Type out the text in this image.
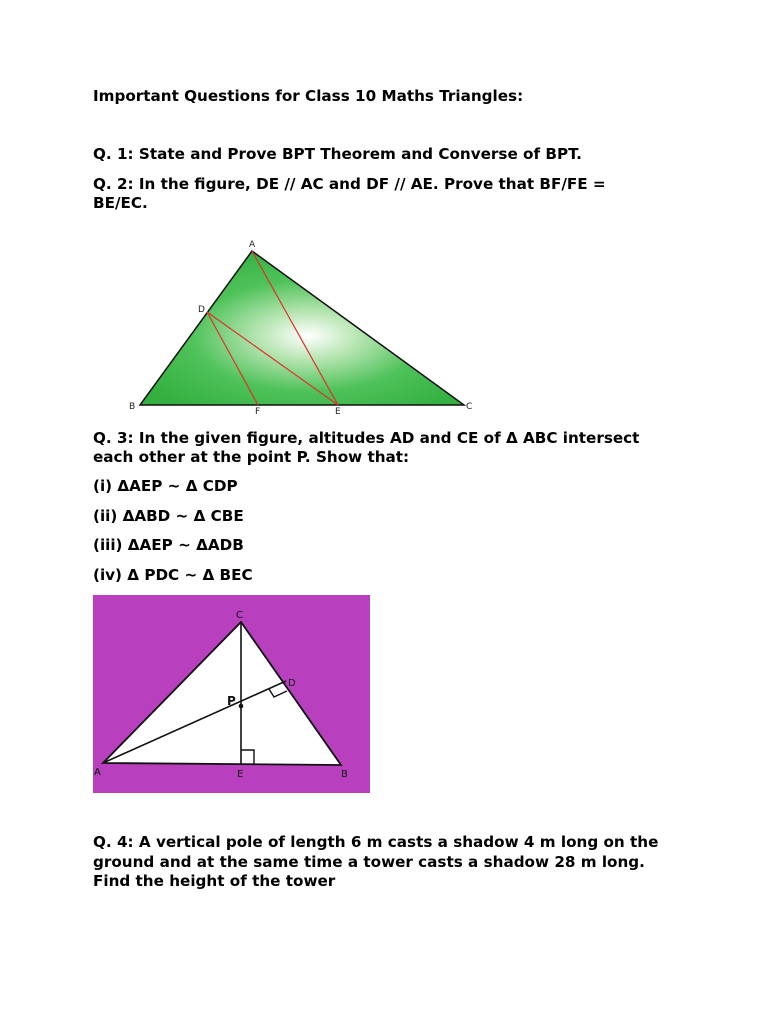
Important Questions for Class 10 Maths Triangles:

Q. 1: State and Prove BPT Theorem and Converse of BPT.

Q. 2: In the figure, DE // AC and DF // AE. Prove that BF/FE =

BE/EC.

A
B	C
D
E
F

Q. 3: In the given figure, altitudes AD and CE of Δ ABC intersect

each other at the point P. Show that:

(i) ΔAEP ~ Δ CDP

(ii) ΔABD ~ Δ CBE

(iii) ΔAEP ~ ΔADB

(iv) Δ PDC ~ Δ BEC

C
A	B
D
E
P

Q. 4: A vertical pole of length 6 m casts a shadow 4 m long on the

ground and at the same time a tower casts a shadow 28 m long.

Find the height of the tower
